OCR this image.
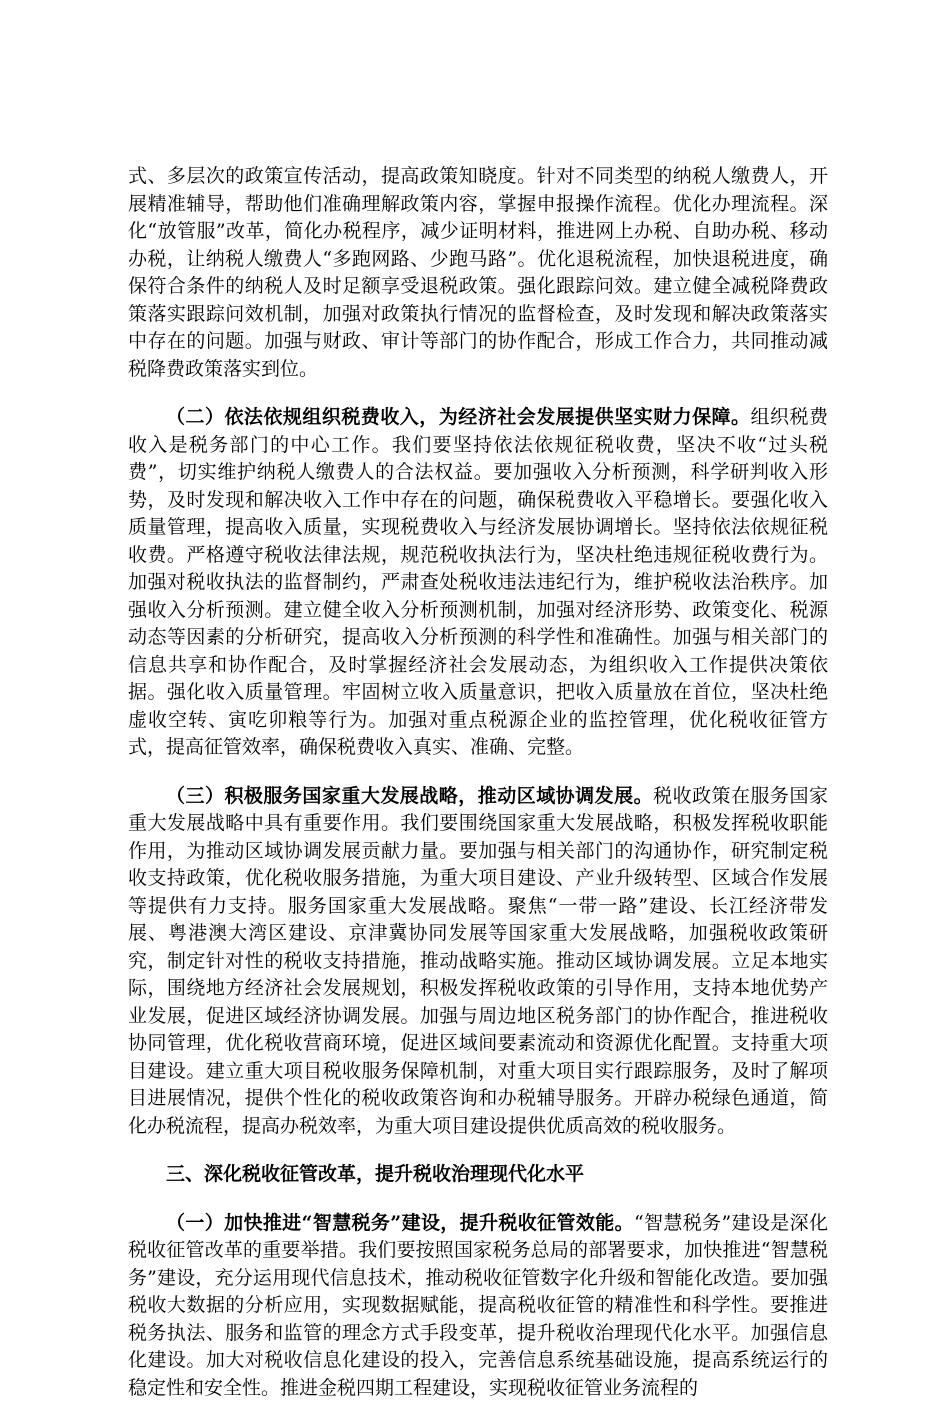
式、多层次的政策宣传活动，提高政策知晓度。针对不同类型的纳税人缴费人，开展精准辅导，帮助他们准确理解政策内容，掌握申报操作流程。优化办理流程。深化“放管服”改革，简化办税程序，减少证明材料，推进网上办税、自助办税、移动办税，让纳税人缴费人“多跑网路、少跑马路”。优化退税流程，加快退税进度，确保符合条件的纳税人及时足额享受退税政策。强化跟踪问效。建立健全减税降费政策落实跟踪问效机制，加强对政策执行情况的监督检查，及时发现和解决政策落实中存在的问题。加强与财政、审计等部门的协作配合，形成工作合力，共同推动减税降费政策落实到位。

（二）依法依规组织税费收入，为经济社会发展提供坚实财力保障。组织税费收入是税务部门的中心工作。我们要坚持依法依规征税收费，坚决不收“过头税费”，切实维护纳税人缴费人的合法权益。要加强收入分析预测，科学研判收入形势，及时发现和解决收入工作中存在的问题，确保税费收入平稳增长。要强化收入质量管理，提高收入质量，实现税费收入与经济发展协调增长。坚持依法依规征税收费。严格遵守税收法律法规，规范税收执法行为，坚决杜绝违规征税收费行为。加强对税收执法的监督制约，严肃查处税收违法违纪行为，维护税收法治秩序。加强收入分析预测。建立健全收入分析预测机制，加强对经济形势、政策变化、税源动态等因素的分析研究，提高收入分析预测的科学性和准确性。加强与相关部门的信息共享和协作配合，及时掌握经济社会发展动态，为组织收入工作提供决策依据。强化收入质量管理。牢固树立收入质量意识，把收入质量放在首位，坚决杜绝虚收空转、寅吃卯粮等行为。加强对重点税源企业的监控管理，优化税收征管方式，提高征管效率，确保税费收入真实、准确、完整。

（三）积极服务国家重大发展战略，推动区域协调发展。税收政策在服务国家重大发展战略中具有重要作用。我们要围绕国家重大发展战略，积极发挥税收职能作用，为推动区域协调发展贡献力量。要加强与相关部门的沟通协作，研究制定税收支持政策，优化税收服务措施，为重大项目建设、产业升级转型、区域合作发展等提供有力支持。服务国家重大发展战略。聚焦“一带一路”建设、长江经济带发展、粤港澳大湾区建设、京津冀协同发展等国家重大发展战略，加强税收政策研究，制定针对性的税收支持措施，推动战略实施。推动区域协调发展。立足本地实际，围绕地方经济社会发展规划，积极发挥税收政策的引导作用，支持本地优势产业发展，促进区域经济协调发展。加强与周边地区税务部门的协作配合，推进税收协同管理，优化税收营商环境，促进区域间要素流动和资源优化配置。支持重大项目建设。建立重大项目税收服务保障机制，对重大项目实行跟踪服务，及时了解项目进展情况，提供个性化的税收政策咨询和办税辅导服务。开辟办税绿色通道，简化办税流程，提高办税效率，为重大项目建设提供优质高效的税收服务。

三、深化税收征管改革，提升税收治理现代化水平

（一）加快推进“智慧税务”建设，提升税收征管效能。“智慧税务”建设是深化税收征管改革的重要举措。我们要按照国家税务总局的部署要求，加快推进“智慧税务”建设，充分运用现代信息技术，推动税收征管数字化升级和智能化改造。要加强税收大数据的分析应用，实现数据赋能，提高税收征管的精准性和科学性。要推进税务执法、服务和监管的理念方式手段变革，提升税收治理现代化水平。加强信息化建设。加大对税收信息化建设的投入，完善信息系统基础设施，提高系统运行的稳定性和安全性。推进金税四期工程建设，实现税收征管业务流程的
